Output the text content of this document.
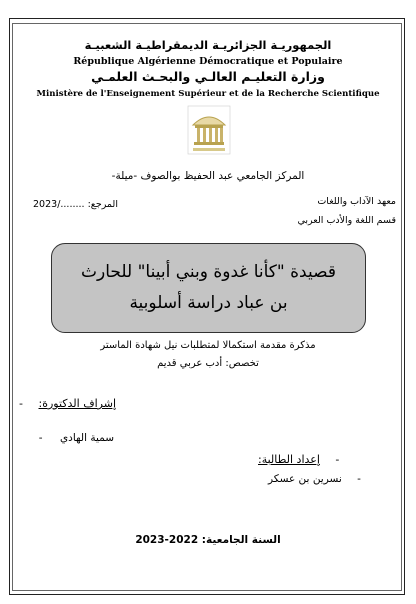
الجمهوريـة الجزائريـة الديمقراطيـة الشعبيـة
République Algérienne Démocratique et Populaire
وزارة التعليـم العالـي والبحـث العلمـي
Ministère de l'Enseignement Supérieur et de la Recherche Scientifique
المركز الجامعي عبد الحفيظ بوالصوف -ميلة-
معهد الآداب واللغات
قسم اللغة والأدب العربي
المرجع: ......../2023
قصيدة "كأنا غدوة وبني أبينا" للحارث بن عباد دراسة أسلوبية
مذكرة مقدمة استكمالا لمتطلبات نيل شهادة الماستر
تخصص: أدب عربي قديم
إشراف الدكتورة: -
سمية الهادي -
- إعداد الطالبة:
- نسرين بن عسكر
السنة الجامعية: 2022-2023
